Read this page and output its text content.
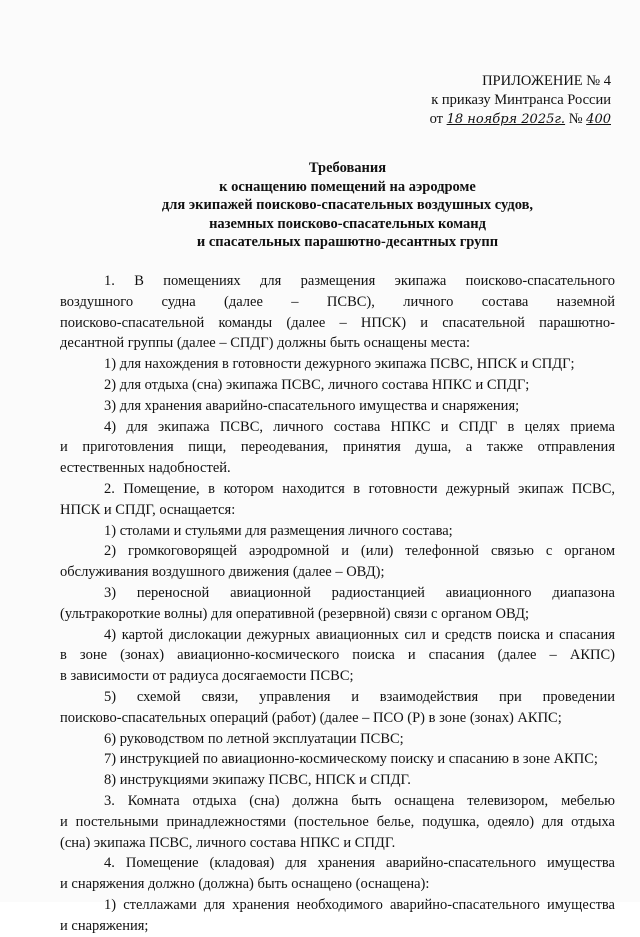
ПРИЛОЖЕНИЕ № 4
к приказу Минтранса России
от 18 ноября 2025г. № 400
Требования
к оснащению помещений на аэродроме
для экипажей поисково-спасательных воздушных судов,
наземных поисково-спасательных команд
и спасательных парашютно-десантных групп
1. В помещениях для размещения экипажа поисково-спасательного
воздушного судна (далее – ПСВС), личного состава наземной
поисково-спасательной команды (далее – НПСК) и спасательной парашютно-
десантной группы (далее – СПДГ) должны быть оснащены места:
1) для нахождения в готовности дежурного экипажа ПСВС, НПСК и СПДГ;
2) для отдыха (сна) экипажа ПСВС, личного состава НПКС и СПДГ;
3) для хранения аварийно-спасательного имущества и снаряжения;
4) для экипажа ПСВС, личного состава НПКС и СПДГ в целях приема
и приготовления пищи, переодевания, принятия душа, а также отправления
естественных надобностей.
2. Помещение, в котором находится в готовности дежурный экипаж ПСВС,
НПСК и СПДГ, оснащается:
1) столами и стульями для размещения личного состава;
2) громкоговорящей аэродромной и (или) телефонной связью с органом
обслуживания воздушного движения (далее – ОВД);
3) переносной авиационной радиостанцией авиационного диапазона
(ультракороткие волны) для оперативной (резервной) связи с органом ОВД;
4) картой дислокации дежурных авиационных сил и средств поиска и спасания
в зоне (зонах) авиационно-космического поиска и спасания (далее – АКПС)
в зависимости от радиуса досягаемости ПСВС;
5) схемой связи, управления и взаимодействия при проведении
поисково-спасательных операций (работ) (далее – ПСО (Р) в зоне (зонах) АКПС;
6) руководством по летной эксплуатации ПСВС;
7) инструкцией по авиационно-космическому поиску и спасанию в зоне АКПС;
8) инструкциями экипажу ПСВС, НПСК и СПДГ.
3. Комната отдыха (сна) должна быть оснащена телевизором, мебелью
и постельными принадлежностями (постельное белье, подушка, одеяло) для отдыха
(сна) экипажа ПСВС, личного состава НПКС и СПДГ.
4. Помещение (кладовая) для хранения аварийно-спасательного имущества
и снаряжения должно (должна) быть оснащено (оснащена):
1) стеллажами для хранения необходимого аварийно-спасательного имущества
и снаряжения;
